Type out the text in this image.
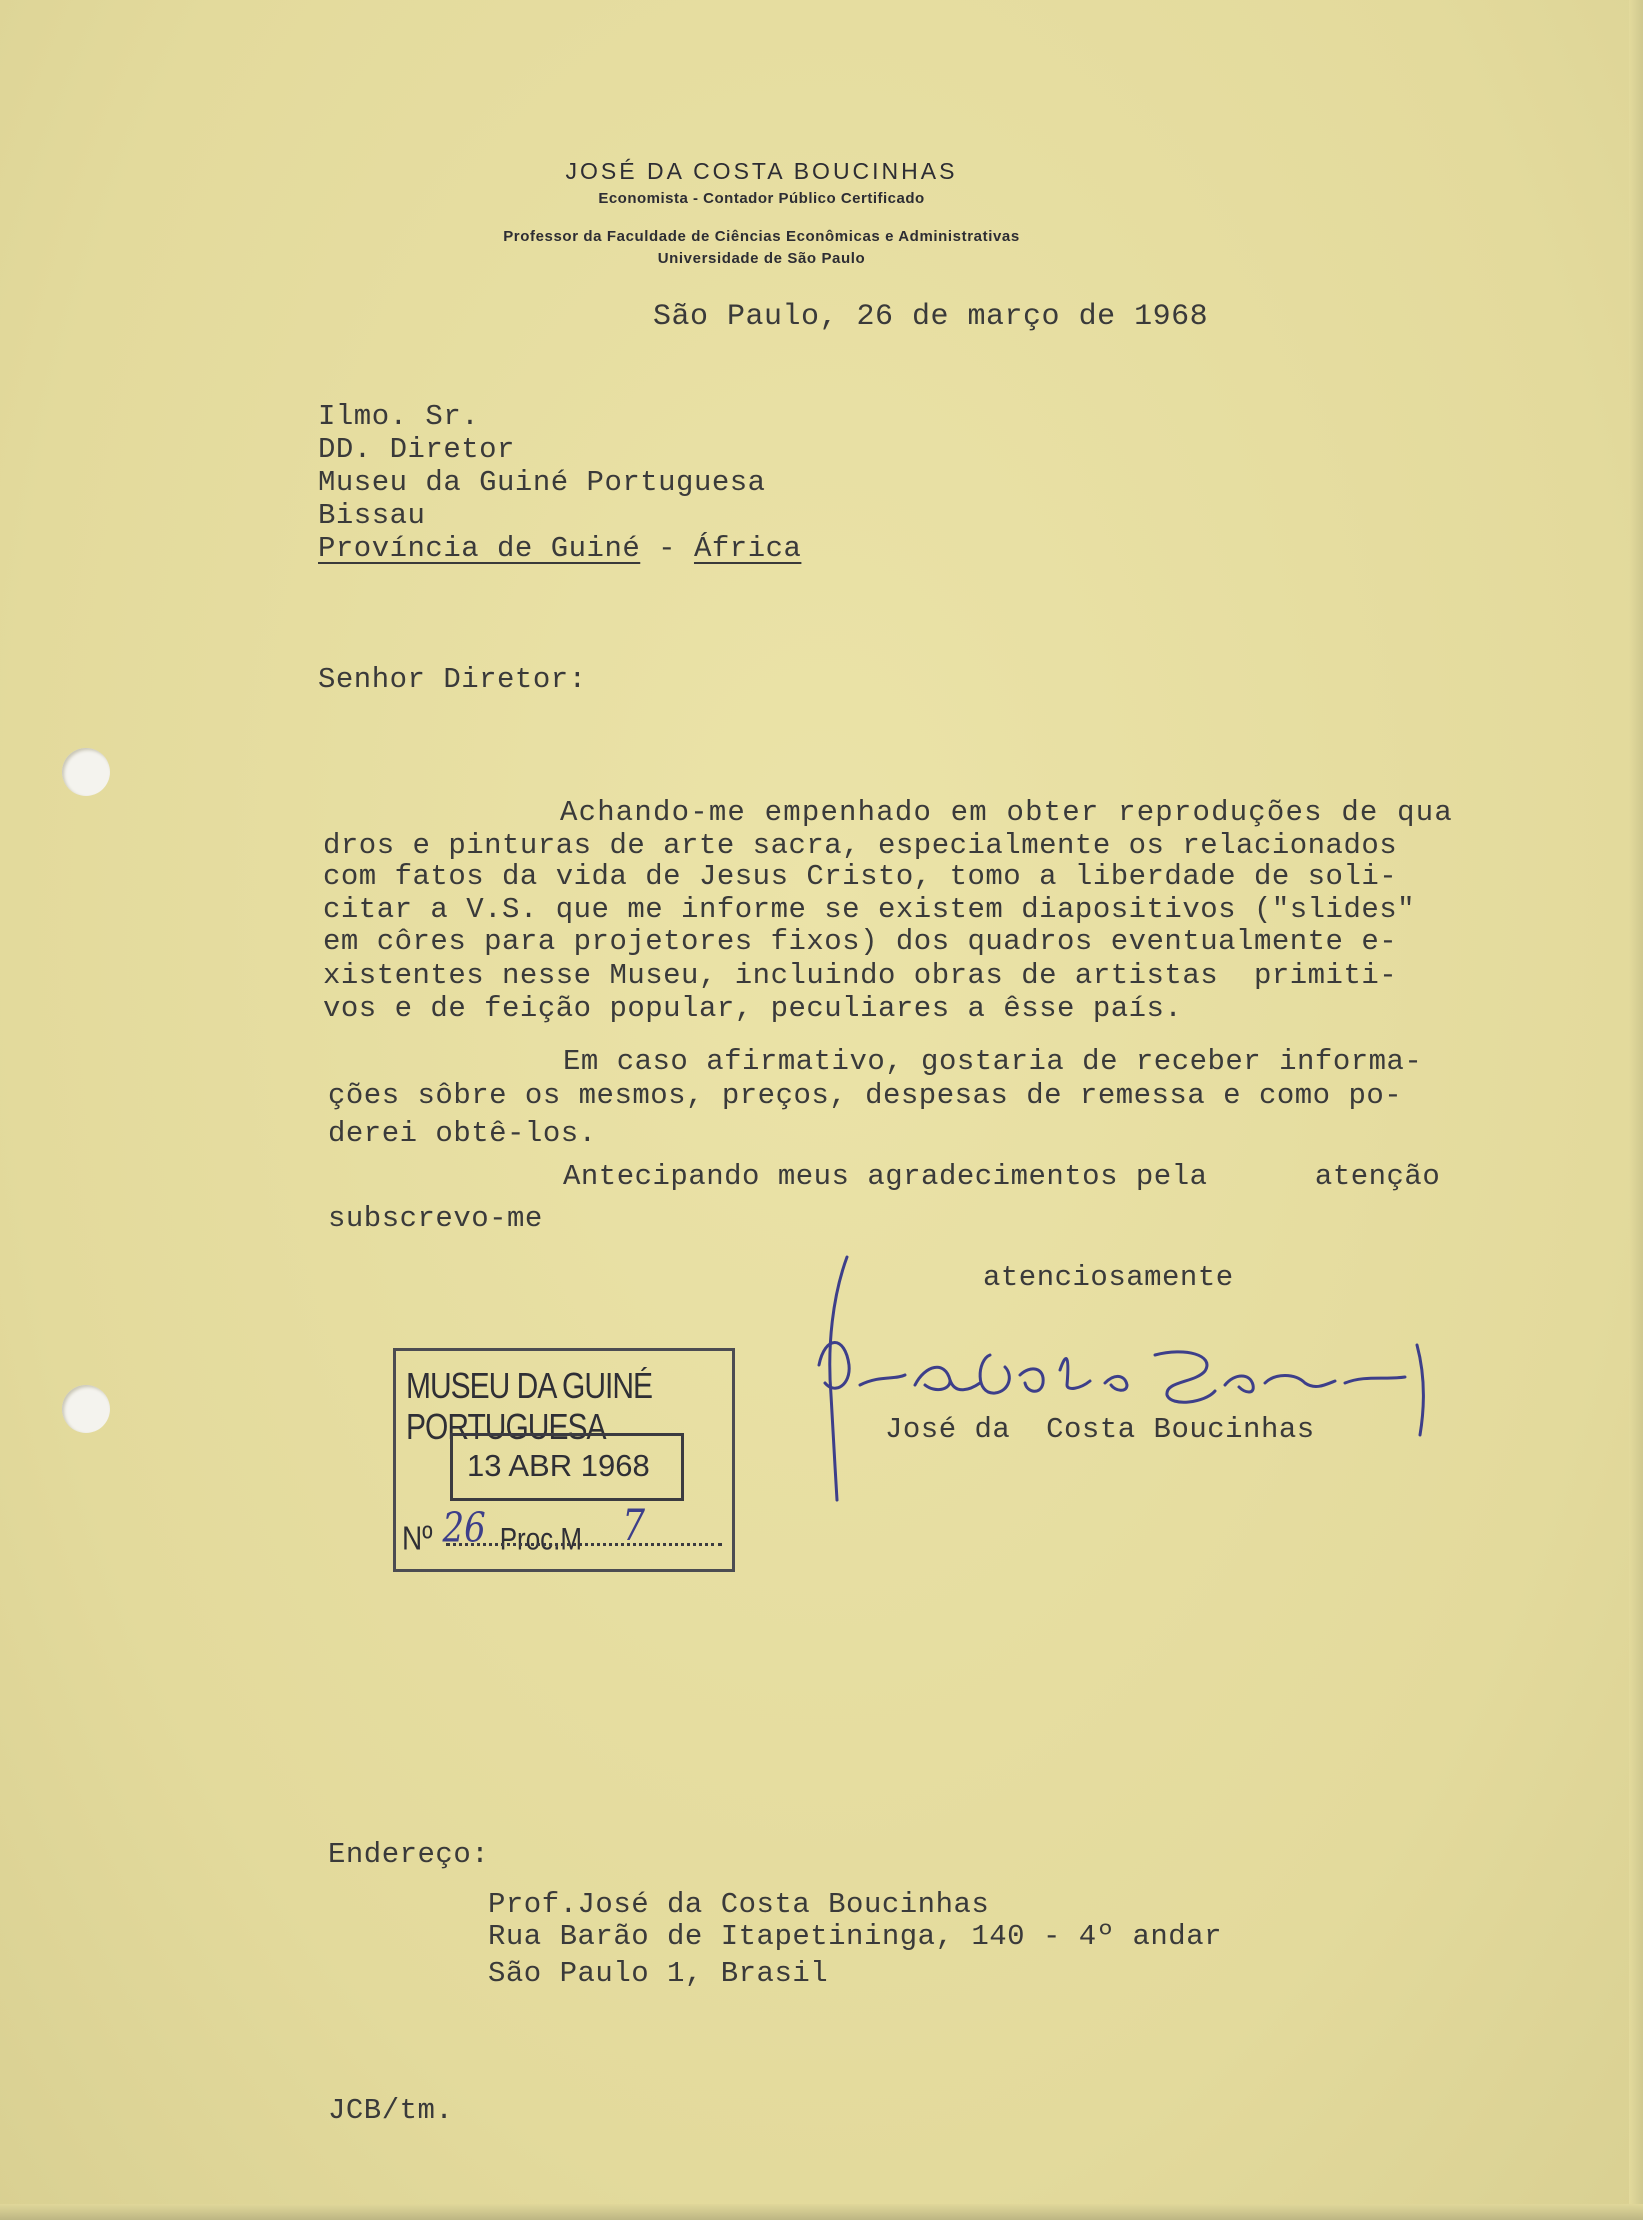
JOSÉ DA COSTA BOUCINHAS
Economista - Contador Público Certificado
Professor da Faculdade de Ciências Econômicas e Administrativas
Universidade de São Paulo
São Paulo, 26 de março de 1968
Ilmo. Sr.
DD. Diretor
Museu da Guiné Portuguesa
Bissau
Província de Guiné - África
Senhor Diretor:
Achando-me empenhado em obter reproduções de qua
dros e pinturas de arte sacra, especialmente os relacionados
com fatos da vida de Jesus Cristo, tomo a liberdade de soli-
citar a V.S. que me informe se existem diapositivos ("slides"
em côres para projetores fixos) dos quadros eventualmente e-
xistentes nesse Museu, incluindo obras de artistas  primiti-
vos e de feição popular, peculiares a êsse país.
Em caso afirmativo, gostaria de receber informa-
ções sôbre os mesmos, preços, despesas de remessa e como po-
derei obtê-los.
Antecipando meus agradecimentos pela      atenção
subscrevo-me
atenciosamente
José da  Costa Boucinhas
MUSEU DA GUINÉ PORTUGUESA
13 ABR 1968
Nº 26 Proc.M 7
Endereço:
Prof.José da Costa Boucinhas
Rua Barão de Itapetininga, 140 - 4º andar
São Paulo 1, Brasil
JCB/tm.
